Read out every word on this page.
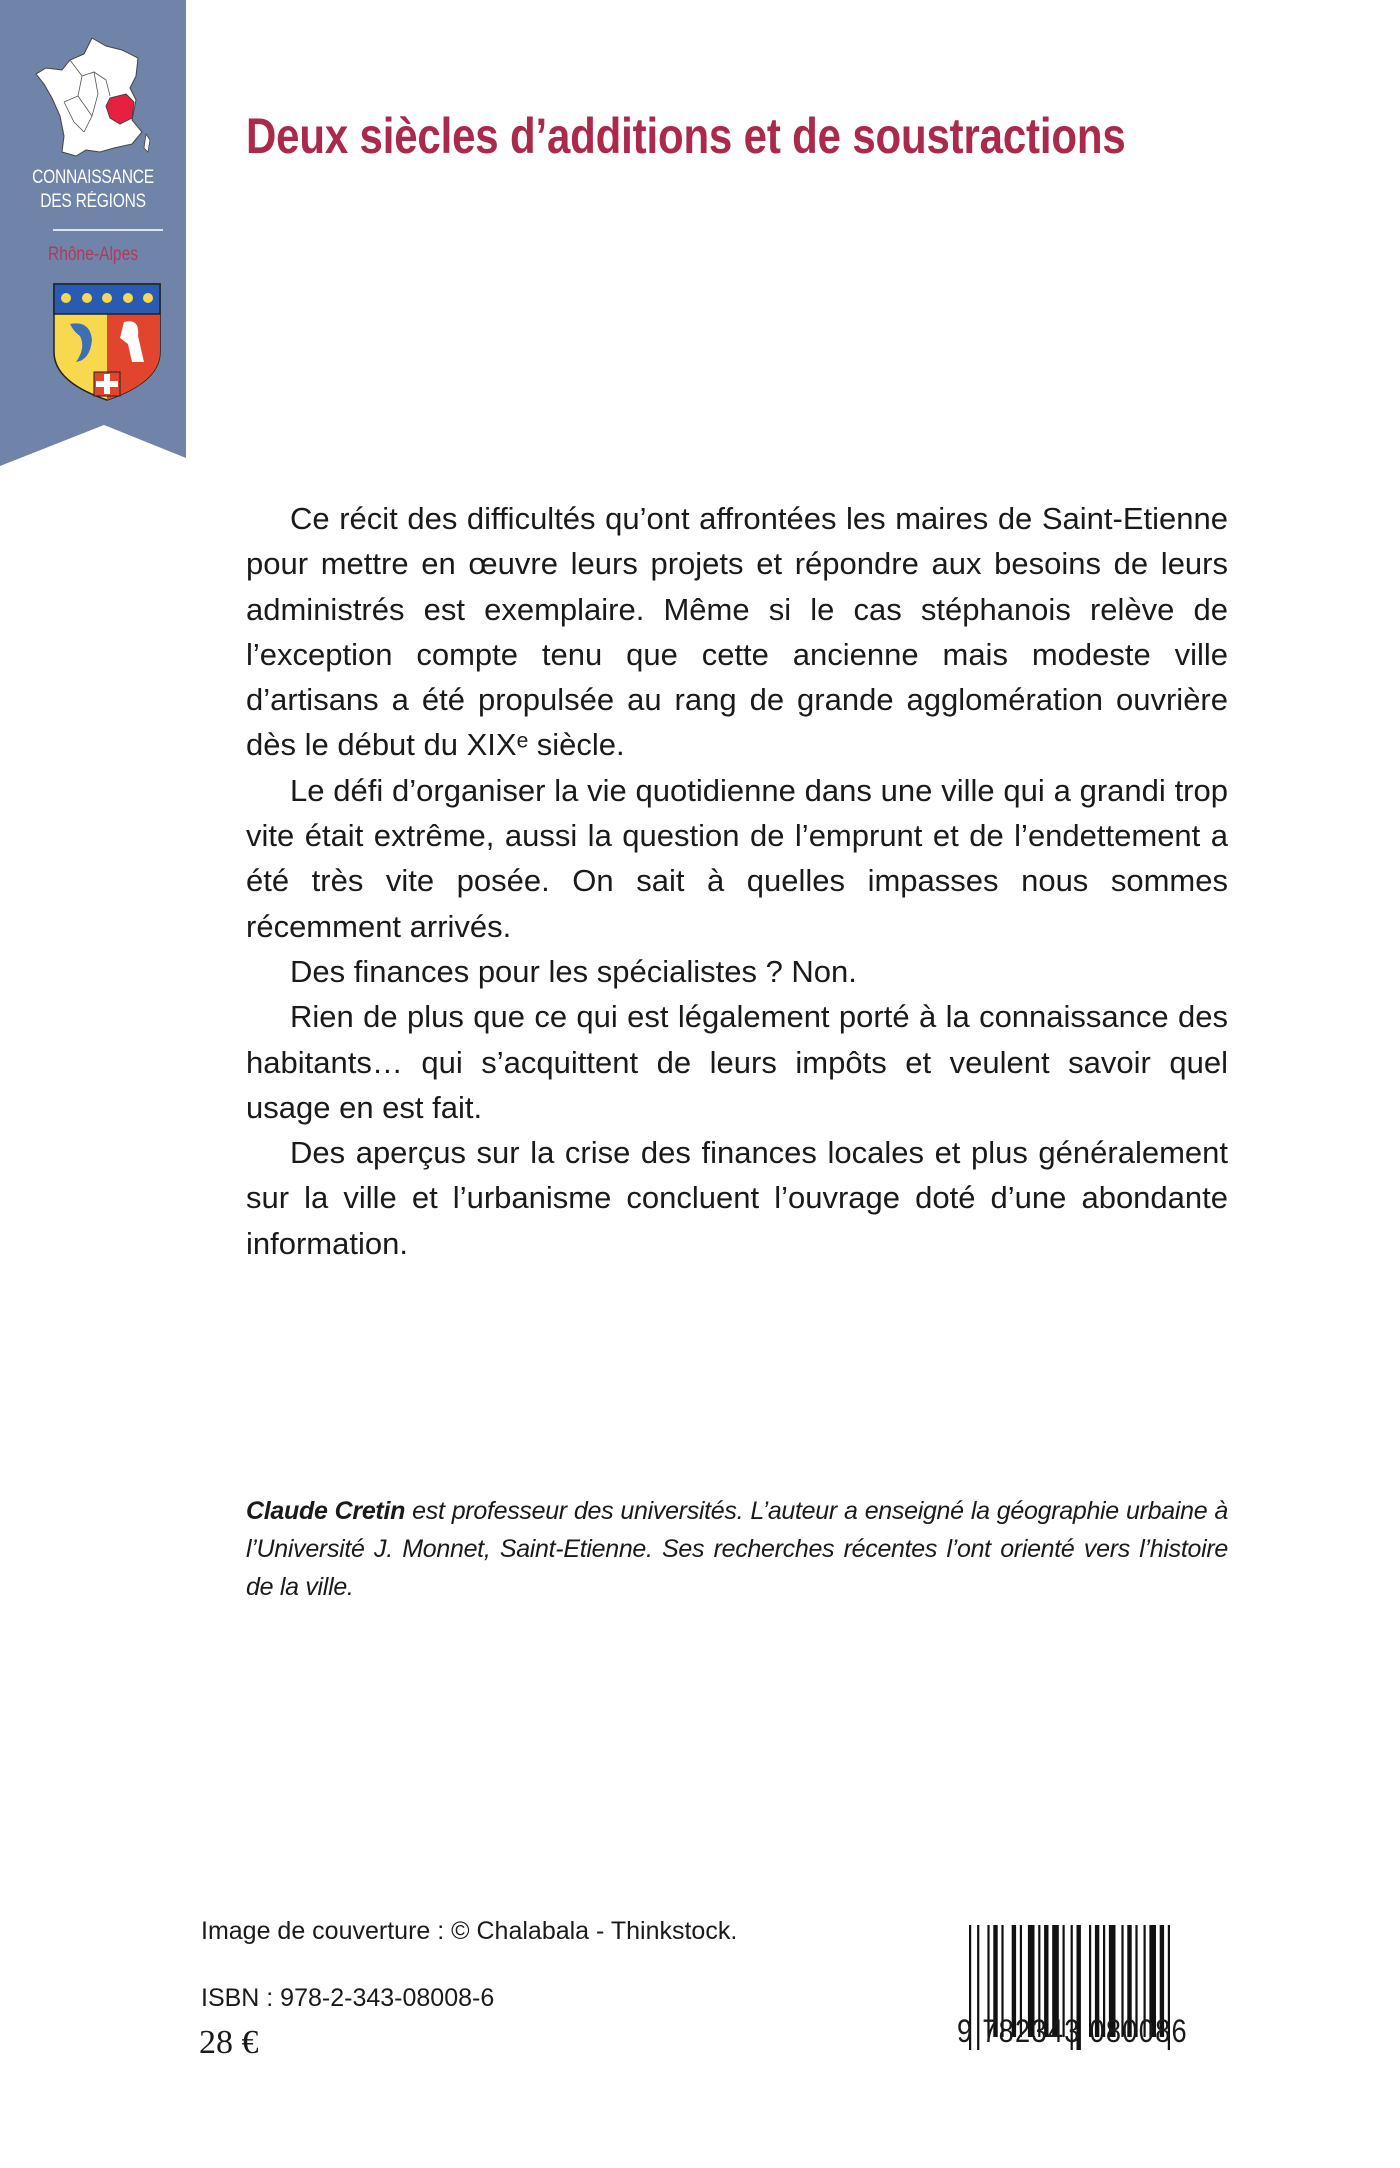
CONNAISSANCE
DES RÉGIONS
Rhône-Alpes
Deux siècles d’additions et de soustractions

Ce récit des difficultés qu’ont affrontées les maires de Saint-Etienne pour mettre en œuvre leurs projets et répondre aux besoins de leurs administrés est exemplaire. Même si le cas stéphanois relève de l’exception compte tenu que cette ancienne mais modeste ville d’artisans a été propulsée au rang de grande agglomération ouvrière dès le début du XIXᵉ siècle.

Le défi d’organiser la vie quotidienne dans une ville qui a grandi trop vite était extrême, aussi la question de l’emprunt et de l’endettement a été très vite posée. On sait à quelles impasses nous sommes récemment arrivés.

Des finances pour les spécialistes ? Non.

Rien de plus que ce qui est légalement porté à la connaissance des habitants… qui s’acquittent de leurs impôts et veulent savoir quel usage en est fait.

Des aperçus sur la crise des finances locales et plus généralement sur la ville et l’urbanisme concluent l’ouvrage doté d’une abondante information.

Claude Cretin est professeur des universités. L’auteur a enseigné la géographie urbaine à l’Université J. Monnet, Saint-Etienne. Ses recherches récentes l’ont orienté vers l’histoire de la ville.
Image de couverture : © Chalabala - Thinkstock.
ISBN : 978-2-343-08008-6
28 €	9 782343 080086
